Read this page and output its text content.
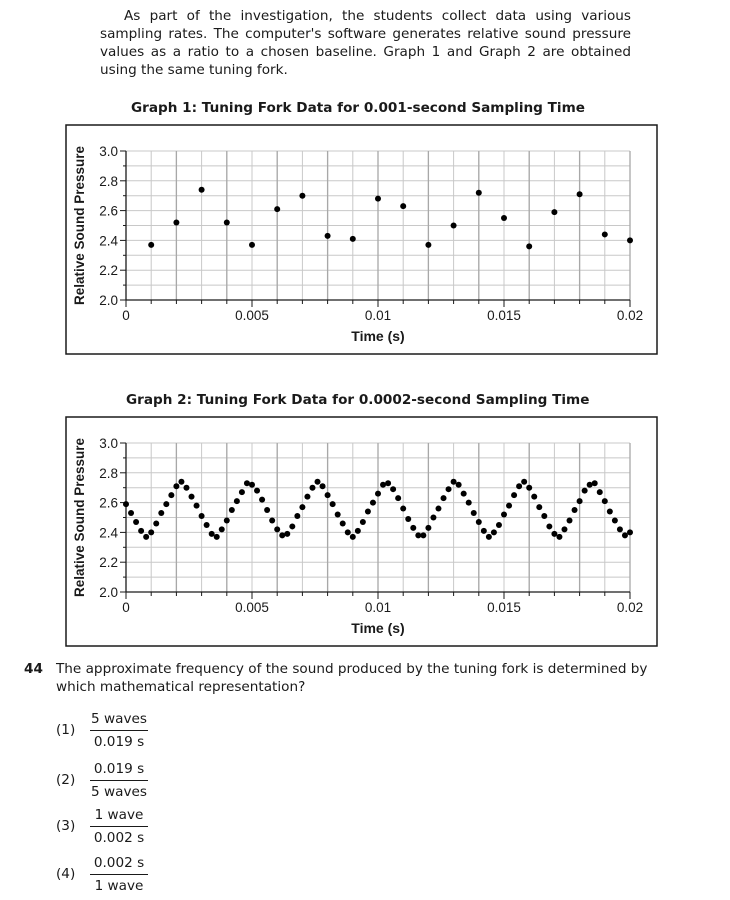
As part of the investigation, the students collect data using various sampling rates. The computer's software generates relative sound pressure values as a ratio to a chosen baseline. Graph 1 and Graph 2 are obtained using the same tuning fork.

Graph 1: Tuning Fork Data for 0.001-second Sampling Time
2.0
2.2
2.4
2.6
2.8
3.0
0	0.005	0.01	0.015	0.02
Time (s)
Relative Sound Pressure
Graph 2: Tuning Fork Data for 0.0002-second Sampling Time
2.0
2.2
2.4
2.6
2.8
3.0
0	0.005	0.01	0.015	0.02
Time (s)
Relative Sound Pressure
44 The approximate frequency of the sound produced by the tuning fork is determined by which mathematical representation?
(1)
5 waves
0.019 s
(2)
0.019 s
5 waves
(3)
1 wave
0.002 s
(4)
0.002 s
1 wave
